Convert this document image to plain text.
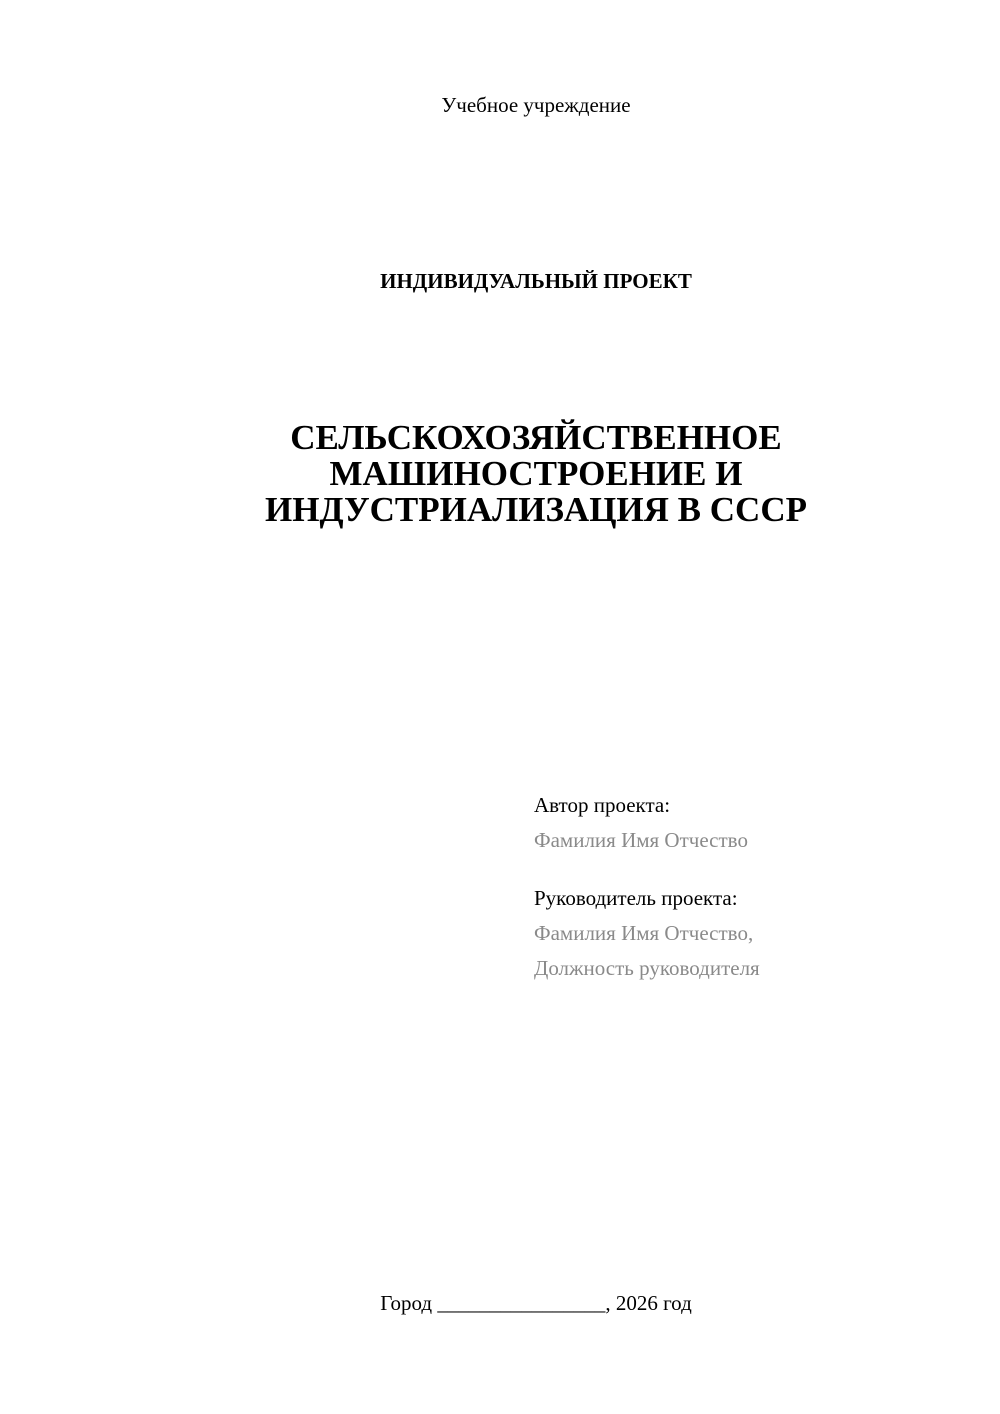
Учебное учреждение
ИНДИВИДУАЛЬНЫЙ ПРОЕКТ
СЕЛЬСКОХОЗЯЙСТВЕННОЕ
МАШИНОСТРОЕНИЕ И
ИНДУСТРИАЛИЗАЦИЯ В СССР
Автор проекта:
Фамилия Имя Отчество
Руководитель проекта:
Фамилия Имя Отчество,
Должность руководителя
Город ________________, 2026 год
